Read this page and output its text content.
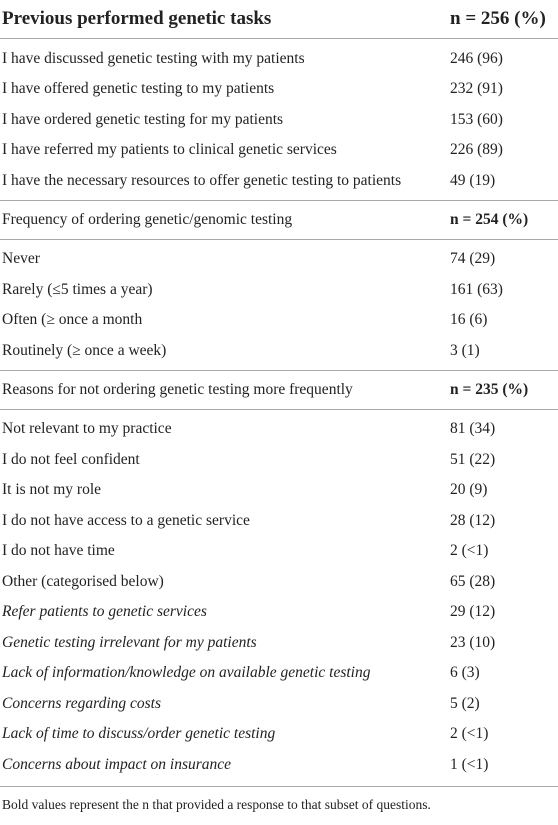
Previous performed genetic tasks	n = 256 (%)
I have discussed genetic testing with my patients	246 (96)
I have offered genetic testing to my patients	232 (91)
I have ordered genetic testing for my patients	153 (60)
I have referred my patients to clinical genetic services	226 (89)
I have the necessary resources to offer genetic testing to patients	49 (19)
Frequency of ordering genetic/genomic testing	n = 254 (%)
Never	74 (29)
Rarely (≤5 times a year)	161 (63)
Often (≥ once a month	16 (6)
Routinely (≥ once a week)	3 (1)
Reasons for not ordering genetic testing more frequently	n = 235 (%)
Not relevant to my practice	81 (34)
I do not feel confident	51 (22)
It is not my role	20 (9)
I do not have access to a genetic service	28 (12)
I do not have time	2 (<1)
Other (categorised below)	65 (28)
Refer patients to genetic services	29 (12)
Genetic testing irrelevant for my patients	23 (10)
Lack of information/knowledge on available genetic testing	6 (3)
Concerns regarding costs	5 (2)
Lack of time to discuss/order genetic testing	2 (<1)
Concerns about impact on insurance	1 (<1)
Bold values represent the n that provided a response to that subset of questions.
